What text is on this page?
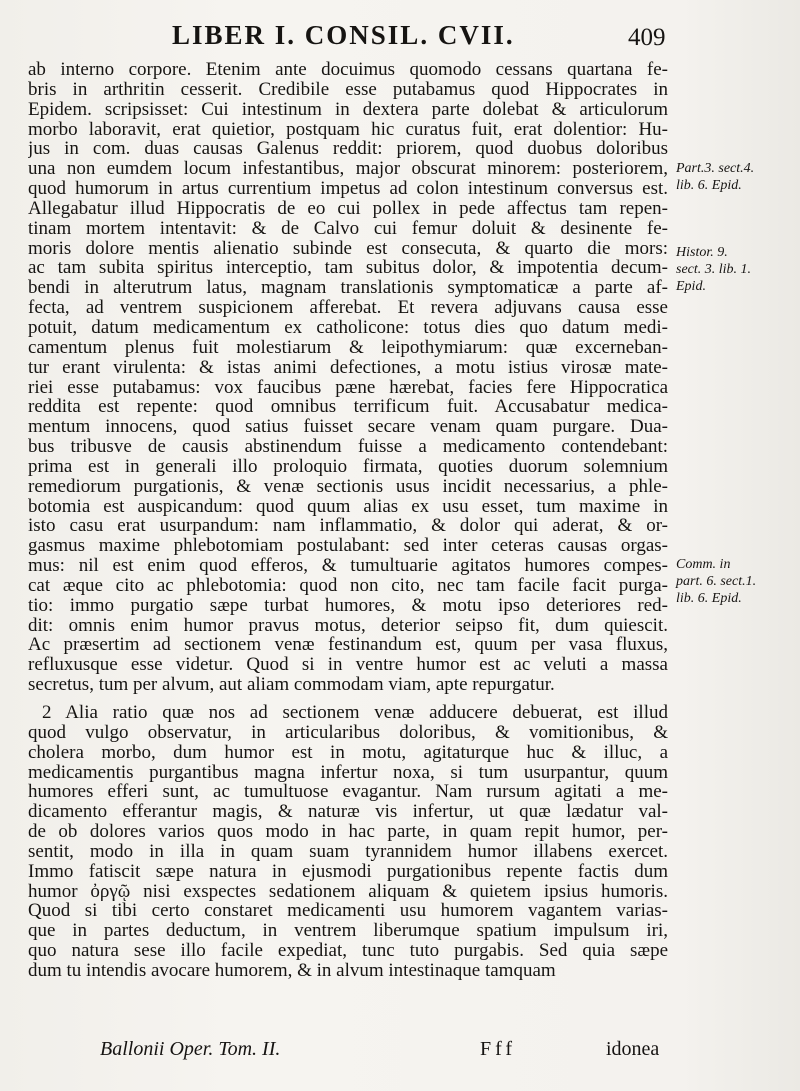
LIBER I. CONSIL. CVII.	409
ab interno corpore. Etenim ante docuimus quomodo cessans quartana fe-
bris in arthritin cesserit. Credibile esse putabamus quod Hippocrates in
Epidem. scripsisset: Cui intestinum in dextera parte dolebat & articulorum
morbo laboravit, erat quietior, postquam hic curatus fuit, erat dolentior: Hu-
jus in com. duas causas Galenus reddit: priorem, quod duobus doloribus
una non eumdem locum infestantibus, major obscurat minorem: posteriorem,
quod humorum in artus currentium impetus ad colon intestinum conversus est.
Allegabatur illud Hippocratis de eo cui pollex in pede affectus tam repen-
tinam mortem intentavit: & de Calvo cui femur doluit & desinente fe-
moris dolore mentis alienatio subinde est consecuta, & quarto die mors:
ac tam subita spiritus interceptio, tam subitus dolor, & impotentia decum-
bendi in alterutrum latus, magnam translationis symptomaticæ a parte af-
fecta, ad ventrem suspicionem afferebat. Et revera adjuvans causa esse
potuit, datum medicamentum ex catholicone: totus dies quo datum medi-
camentum plenus fuit molestiarum & leipothymiarum: quæ excerneban-
tur erant virulenta: & istas animi defectiones, a motu istius virosæ mate-
riei esse putabamus: vox faucibus pæne hærebat, facies fere Hippocratica
reddita est repente: quod omnibus terrificum fuit. Accusabatur medica-
mentum innocens, quod satius fuisset secare venam quam purgare. Dua-
bus tribusve de causis abstinendum fuisse a medicamento contendebant:
prima est in generali illo proloquio firmata, quoties duorum solemnium
remediorum purgationis, & venæ sectionis usus incidit necessarius, a phle-
botomia est auspicandum: quod quum alias ex usu esset, tum maxime in
isto casu erat usurpandum: nam inflammatio, & dolor qui aderat, & or-
gasmus maxime phlebotomiam postulabant: sed inter ceteras causas orgas-
mus: nil est enim quod efferos, & tumultuarie agitatos humores compes-
cat æque cito ac phlebotomia: quod non cito, nec tam facile facit purga-
tio: immo purgatio sæpe turbat humores, & motu ipso deteriores red-
dit: omnis enim humor pravus motus, deterior seipso fit, dum quiescit.
Ac præsertim ad sectionem venæ festinandum est, quum per vasa fluxus,
refluxusque esse videtur. Quod si in ventre humor est ac veluti a massa
secretus, tum per alvum, aut aliam commodam viam, apte repurgatur.
2 Alia ratio quæ nos ad sectionem venæ adducere debuerat, est illud
quod vulgo observatur, in articularibus doloribus, & vomitionibus, &
cholera morbo, dum humor est in motu, agitaturque huc & illuc, a
medicamentis purgantibus magna infertur noxa, si tum usurpantur, quum
humores efferi sunt, ac tumultuose evagantur. Nam rursum agitati a me-
dicamento efferantur magis, & naturæ vis infertur, ut quæ lædatur val-
de ob dolores varios quos modo in hac parte, in quam repit humor, per-
sentit, modo in illa in quam suam tyrannidem humor illabens exercet.
Immo fatiscit sæpe natura in ejusmodi purgationibus repente factis dum
humor ὀργῷ nisi exspectes sedationem aliquam & quietem ipsius humoris.
Quod si tibi certo constaret medicamenti usu humorem vagantem varias-
que in partes deductum, in ventrem liberumque spatium impulsum iri,
quo natura sese illo facile expediat, tunc tuto purgabis. Sed quia sæpe
dum tu intendis avocare humorem, & in alvum intestinaque tamquam
Part.3. sect.4.
lib. 6. Epid.
Histor. 9.
sect. 3. lib. 1.
Epid.
Comm. in
part. 6. sect.1.
lib. 6. Epid.
Ballonii Oper. Tom. II.	Fff	idonea
